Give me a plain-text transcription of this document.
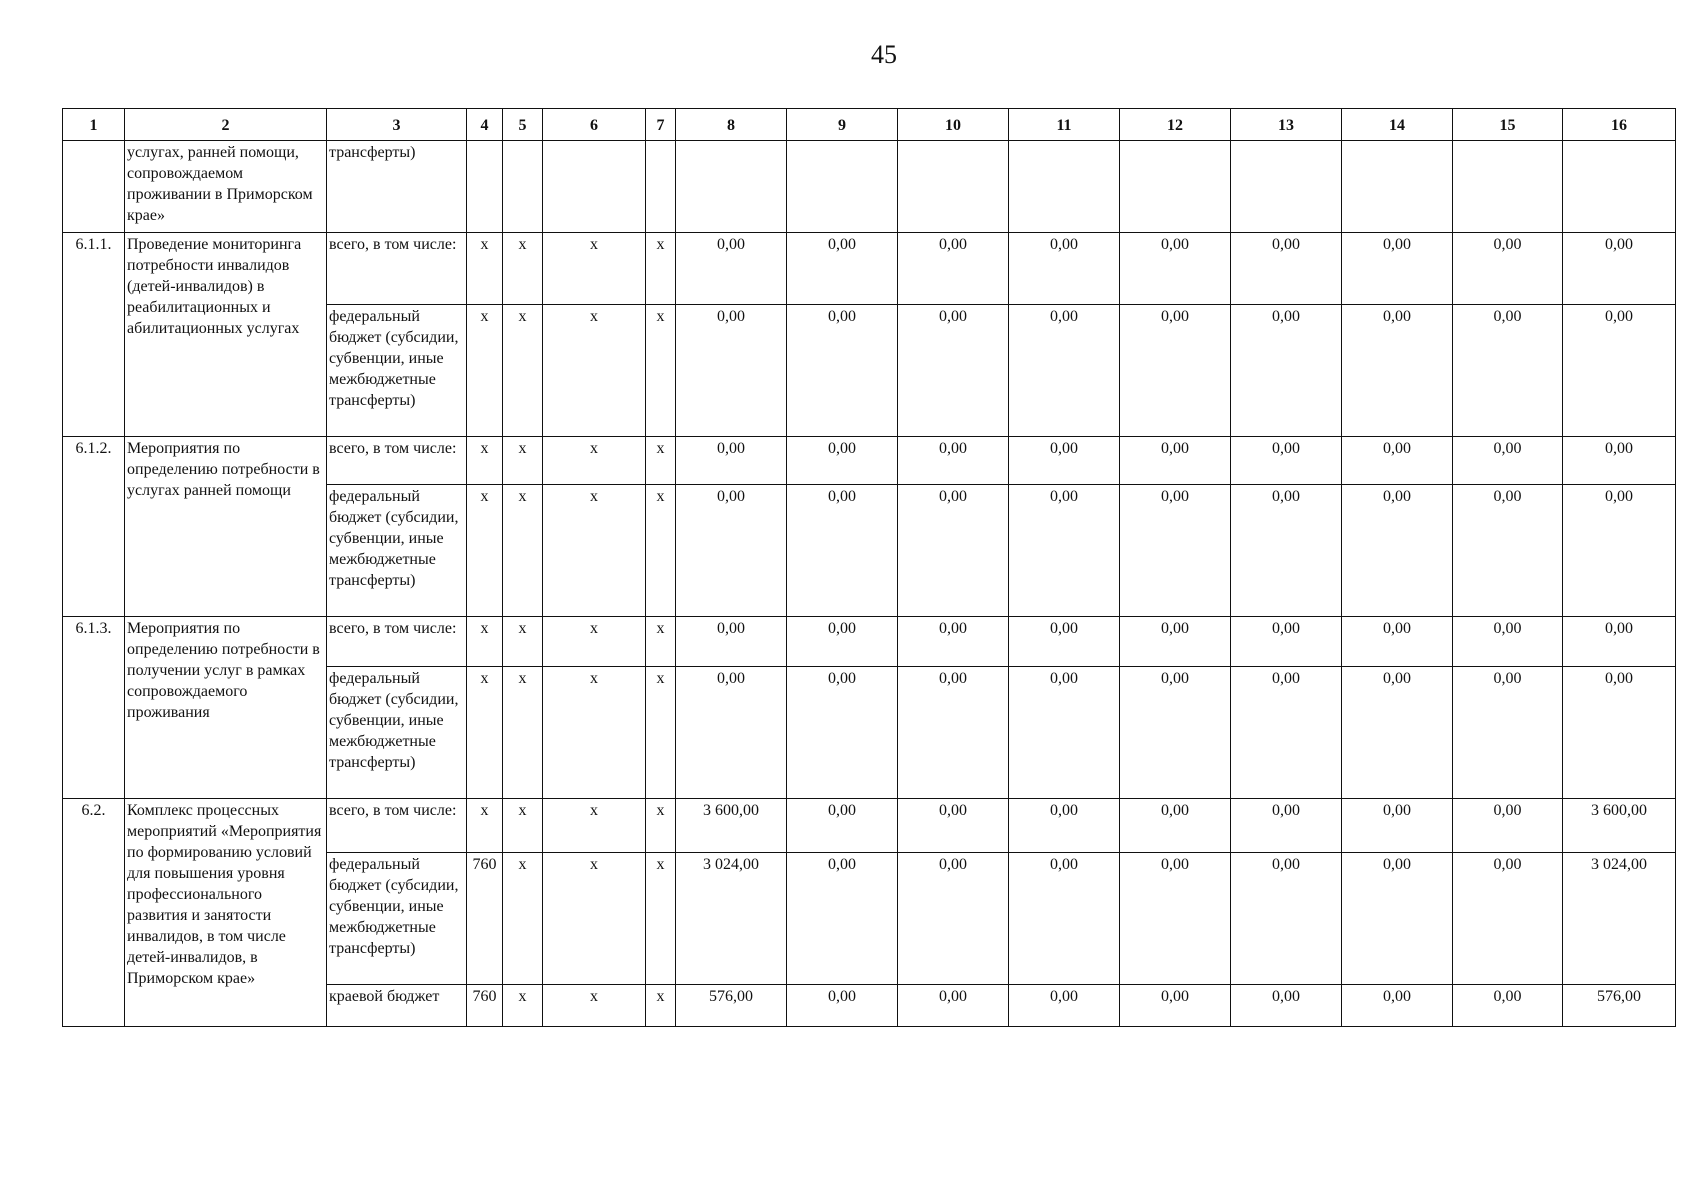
45
1	2	3	4	5	6	7	8	9	10	11	12	13	14	15	16
	услугах, ранней помощи, сопровождаемом проживании в Приморском крае»	трансферты)													
6.1.1.	Проведение мониторинга потребности инвалидов (детей-инвалидов) в реабилитационных и абилитационных услугах	всего, в том числе:	x	x	x	x	0,00	0,00	0,00	0,00	0,00	0,00	0,00	0,00	0,00
		федеральный бюджет (субсидии, субвенции, иные межбюджетные трансферты)	x	x	x	x	0,00	0,00	0,00	0,00	0,00	0,00	0,00	0,00	0,00
6.1.2.	Мероприятия по определению потребности в услугах ранней помощи	всего, в том числе:	x	x	x	x	0,00	0,00	0,00	0,00	0,00	0,00	0,00	0,00	0,00
		федеральный бюджет (субсидии, субвенции, иные межбюджетные трансферты)	x	x	x	x	0,00	0,00	0,00	0,00	0,00	0,00	0,00	0,00	0,00
6.1.3.	Мероприятия по определению потребности в получении услуг в рамках сопровождаемого проживания	всего, в том числе:	x	x	x	x	0,00	0,00	0,00	0,00	0,00	0,00	0,00	0,00	0,00
		федеральный бюджет (субсидии, субвенции, иные межбюджетные трансферты)	x	x	x	x	0,00	0,00	0,00	0,00	0,00	0,00	0,00	0,00	0,00
6.2.	Комплекс процессных мероприятий «Мероприятия по формированию условий для повышения уровня профессионального развития и занятости инвалидов, в том числе детей-инвалидов, в Приморском крае»	всего, в том числе:	x	x	x	x	3 600,00	0,00	0,00	0,00	0,00	0,00	0,00	0,00	3 600,00
		федеральный бюджет (субсидии, субвенции, иные межбюджетные трансферты)	760	x	x	x	3 024,00	0,00	0,00	0,00	0,00	0,00	0,00	0,00	3 024,00
		краевой бюджет	760	x	x	x	576,00	0,00	0,00	0,00	0,00	0,00	0,00	0,00	576,00
